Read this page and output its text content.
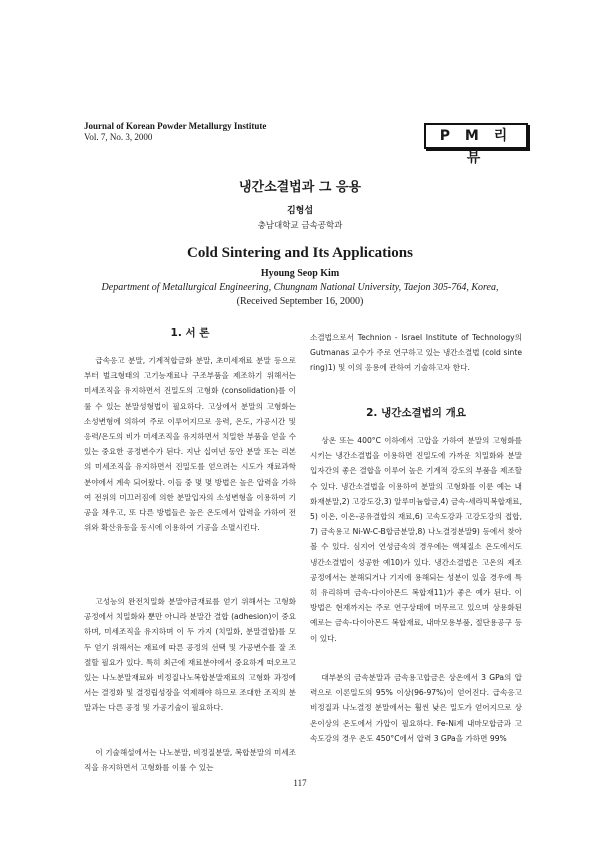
Journal of Korean Powder Metallurgy Institute
Vol. 7, No. 3, 2000	P M 리 뷰
냉간소결법과 그 응용
김형섭
충남대학교 금속공학과
Cold Sintering and Its Applications
Hyoung Seop Kim
Department of Metallurgical Engineering, Chungnam National University, Taejon 305-764, Korea,
(Received September 16, 2000)
1. 서 론

급속응고 분말, 기계적합금화 분말, 초미세재료 분말 등으로부터 벌크형태의 고기능재료나 구조부품을 제조하기 위해서는 미세조직을 유지하면서 진밀도의 고형화 (consolidation)를 이룰 수 있는 분말성형법이 필요하다. 고상에서 분말의 고형화는 소성변형에 의하여 주로 이루어지므로 응력, 온도, 가공시간 및 응력/온도의 비가 미세조직을 유지하면서 치밀한 부품을 얻을 수 있는 중요한 공정변수가 된다. 지난 십여년 동안 분말 또는 리본의 미세조직을 유지하면서 진밀도를 얻으려는 시도가 재료과학 분야에서 계속 되어왔다. 이들 중 몇 몇 방법은 높은 압력을 가하여 전위의 미끄러짐에 의한 분말입자의 소성변형을 이용하여 기공을 채우고, 또 다른 방법들은 높은 온도에서 압력을 가하여 전위와 확산유동을 동시에 이용하여 기공을 소멸시킨다.

고성능의 완전치밀화 분말야금재료를 얻기 위해서는 고형화공정에서 치밀화와 뿐만 아니라 분말간 결합 (adhesion)이 중요하며, 미세조직을 유지하며 이 두 가지 (치밀화, 분말결합)를 모두 얻기 위해서는 재료에 따른 공정의 선택 및 가공변수를 잘 조절할 필요가 있다. 특히 최근에 재료분야에서 중요하게 떠오르고 있는 나노분말재료와 비정질나노복합분말재료의 고형화 과정에서는 결정화 및 결정립성장을 억제해야 하므로 조대한 조직의 분말과는 다른 공정 및 가공기술이 필요하다.

이 기술해설에서는 나노분말, 비정질분말, 복합분말의 미세조직을 유지하면서 고형화를 이룰 수 있는

소결법으로서 Technion - Israel Institute of Technology의 Gutmanas 교수가 주로 연구하고 있는 냉간소결법 (cold sintering)1) 및 이의 응용에 관하여 기술하고자 한다.

2. 냉간소결법의 개요

상온 또는 400°C 이하에서 고압을 가하여 분말의 고형화를 시키는 냉간소결법을 이용하면 진밀도에 가까운 치밀화와 분말입자간의 좋은 결합을 이루어 높은 기계적 강도의 부품을 제조할 수 있다. 냉간소결법을 이용하여 분말의 고형화를 이룬 예는 내화재분말,2) 고강도강,3) 알루미늄합금,4) 금속-세라믹복합재료,5) 이온, 이온-공유결합의 재료,6) 고속도강과 고강도강의 접합,7) 금속용고 Ni-W-C-B합금분말,8) 나노결정분말9) 등에서 찾아볼 수 있다. 심지어 연성금속의 경우에는 액체질소 온도에서도 냉간소결법이 성공한 예10)가 있다. 냉간소결법은 고온의 제조공정에서는 분해되거나 기지에 용해되는 성분이 있을 경우에 특히 유리하며 금속-다이아몬드 복합재11)가 좋은 예가 된다. 이 방법은 현재까지는 주로 연구상태에 머무르고 있으며 상용화된 예로는 금속-다이아몬드 복합재료, 내마모용부품, 절단용공구 등이 있다.

대부분의 금속분말과 금속용고합금은 상온에서 3 GPa의 압력으로 이론밀도의 95% 이상(96-97%)이 얻어진다. 급속응고 비정질과 나노결정 분말에서는 훨씬 낮은 밀도가 얻어지므로 상온이상의 온도에서 가압이 필요하다. Fe-Ni계 내마모합금과 고속도강의 경우 온도 450°C에서 압력 3 GPa을 가하면 99%

117
